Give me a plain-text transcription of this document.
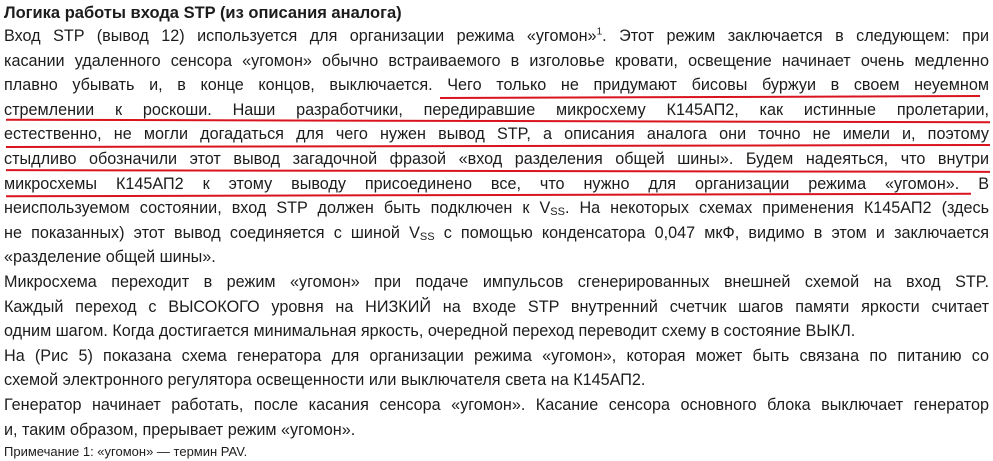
Логика работы входа STP (из описания аналога)
Вход STP (вывод 12) используется для организации режима «угомон»$^1$. Этот режим заключается в следующем: при
касании удаленного сенсора «угомон» обычно встраиваемого в изголовье кровати, освещение начинает очень медленно
плавно убывать и, в конце концов, выключается. Чего только не придумают бисовы буржуи в своем неуемном
стремлении к роскоши. Наши разработчики, передиравшие микросхему К145АП2, как истинные пролетарии,
естественно, не могли догадаться для чего нужен вывод STP, а описания аналога они точно не имели и, поэтому
стыдливо обозначили этот вывод загадочной фразой «вход разделения общей шины». Будем надеяться, что внутри
микросхемы К145АП2 к этому выводу присоединено все, что нужно для организации режима «угомон». В
неиспользуемом состоянии, вход STP должен быть подключен к $V_{SS}$. На некоторых схемах применения К145АП2 (здесь
не показанных) этот вывод соединяется с шиной $V_{SS}$ с помощью конденсатора 0,047 мкФ, видимо в этом и заключается
«разделение общей шины».
Микросхема переходит в режим «угомон» при подаче импульсов сгенерированных внешней схемой на вход STP.
Каждый переход с ВЫСОКОГО уровня на НИЗКИЙ на входе STP внутренний счетчик шагов памяти яркости считает
одним шагом. Когда достигается минимальная яркость, очередной переход переводит схему в состояние ВЫКЛ.
На (Рис 5) показана схема генератора для организации режима «угомон», которая может быть связана по питанию со
схемой электронного регулятора освещенности или выключателя света на К145АП2.
Генератор начинает работать, после касания сенсора «угомон». Касание сенсора основного блока выключает генератор
и, таким образом, прерывает режим «угомон».
Примечание 1: «угомон» — термин PAV.
